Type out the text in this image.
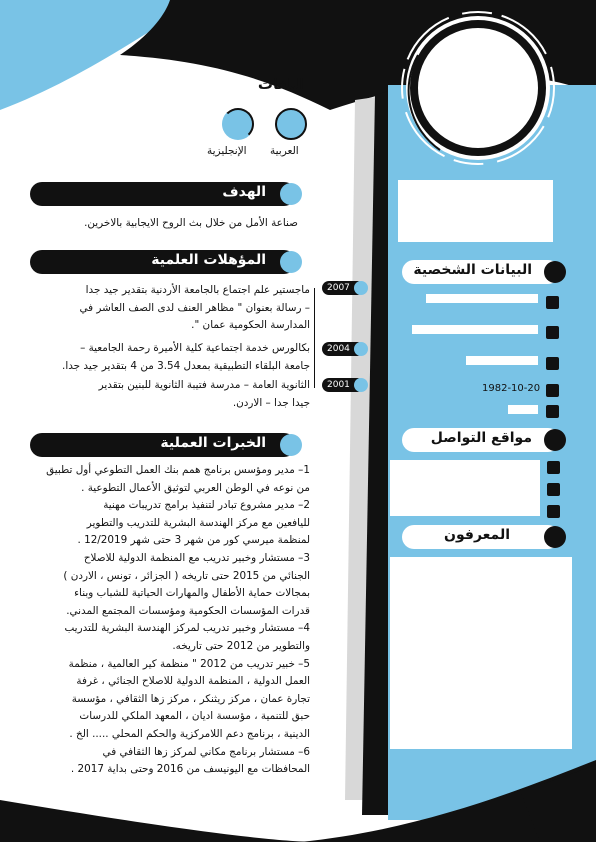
اللغات
العربية
الإنجليزية
الهدف
صناعة الأمل من خلال بث الروح الايجابية بالاخرين.
المؤهلات العلمية
2007
ماجستير علم اجتماع بالجامعة الأردنية بتقدير جيد جدا
– رسالة بعنوان " مظاهر العنف لدى الصف العاشر في
المدارسة الحكومية عمان ".
2004
بكالورس خدمة اجتماعية كلية الأميرة رحمة الجامعية –
جامعة البلقاء التطبيقية بمعدل 3.54 من 4 بتقدير جيد جدا.
2001
الثانوية العامة – مدرسة فتيبة الثانوية للبنين بتقدير
جيدا جدا – الاردن.
الخبرات العملية
1– مدير ومؤسس برنامج همم بنك العمل التطوعي أول تطبيق
من نوعه في الوطن العربي لتوثيق الأعمال التطوعية .
2– مدير مشروع تبادر لتنفيذ برامج تدريبات مهنية
لليافعين مع مركز الهندسة البشرية للتدريب والتطوير
لمنظمة ميرسي كور من شهر 3 حتى شهر 12/2019 .
3– مستشار وخبير تدريب مع المنظمة الدولية للاصلاح
الجنائي من 2015 حتى تاريخه ( الجزائر ، تونس ، الاردن )
بمجالات حماية الأطفال والمهارات الحياتية للشباب وبناء
قدرات المؤسسات الحكومية ومؤسسات المجتمع المدني.
4– مستشار وخبير تدريب لمركز الهندسة البشرية للتدريب
والتطوير من 2012 حتى تاريخه.
5– خبير تدريب من 2012 " منظمة كير العالمية ، منظمة
العمل الدولية ، المنظمة الدولية للاصلاح الجنائي ، غرفة
تجارة عمان ، مركز ريثنكر ، مركز زها الثقافي ، مؤسسة
حبق للتنمية ، مؤسسة اديان ، المعهد الملكي للدرسات
الدينية ، برنامج دعم اللامركزية والحكم المحلي ..... الخ .
6– مستشار برنامج مكاني لمركز زها الثقافي في
المحافظات مع اليونيسف من 2016 وحتى بداية 2017 .
البيانات الشخصية
1982-10-20
مواقع التواصل
المعرفون
